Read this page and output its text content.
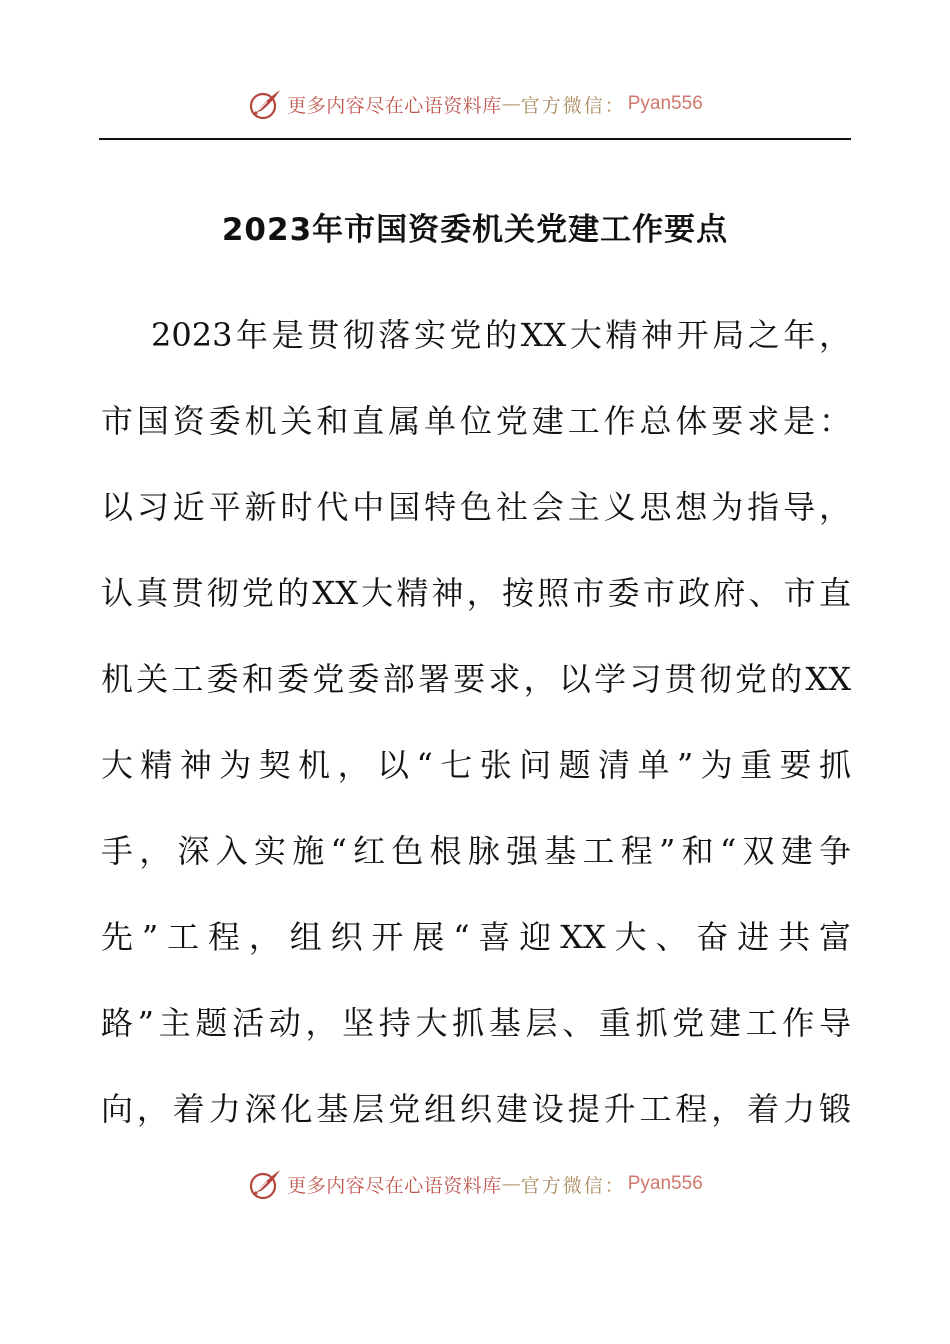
更多内容尽在心语资料库 — 官方微信： Pyan556
2023年市国资委机关党建工作要点
2023年是贯彻落实党的XX大精神开局之年，
市国资委机关和直属单位党建工作总体要求是：
以习近平新时代中国特色社会主义思想为指导，
认真贯彻党的XX大精神，按照市委市政府、市直
机关工委和委党委部署要求，以学习贯彻党的XX
大精神为契机，以“七张问题清单”为重要抓
手，深入实施“红色根脉强基工程”和“双建争
先”工程，组织开展“喜迎XX大、奋进共富
路”主题活动，坚持大抓基层、重抓党建工作导
向，着力深化基层党组织建设提升工程，着力锻
更多内容尽在心语资料库 — 官方微信： Pyan556
